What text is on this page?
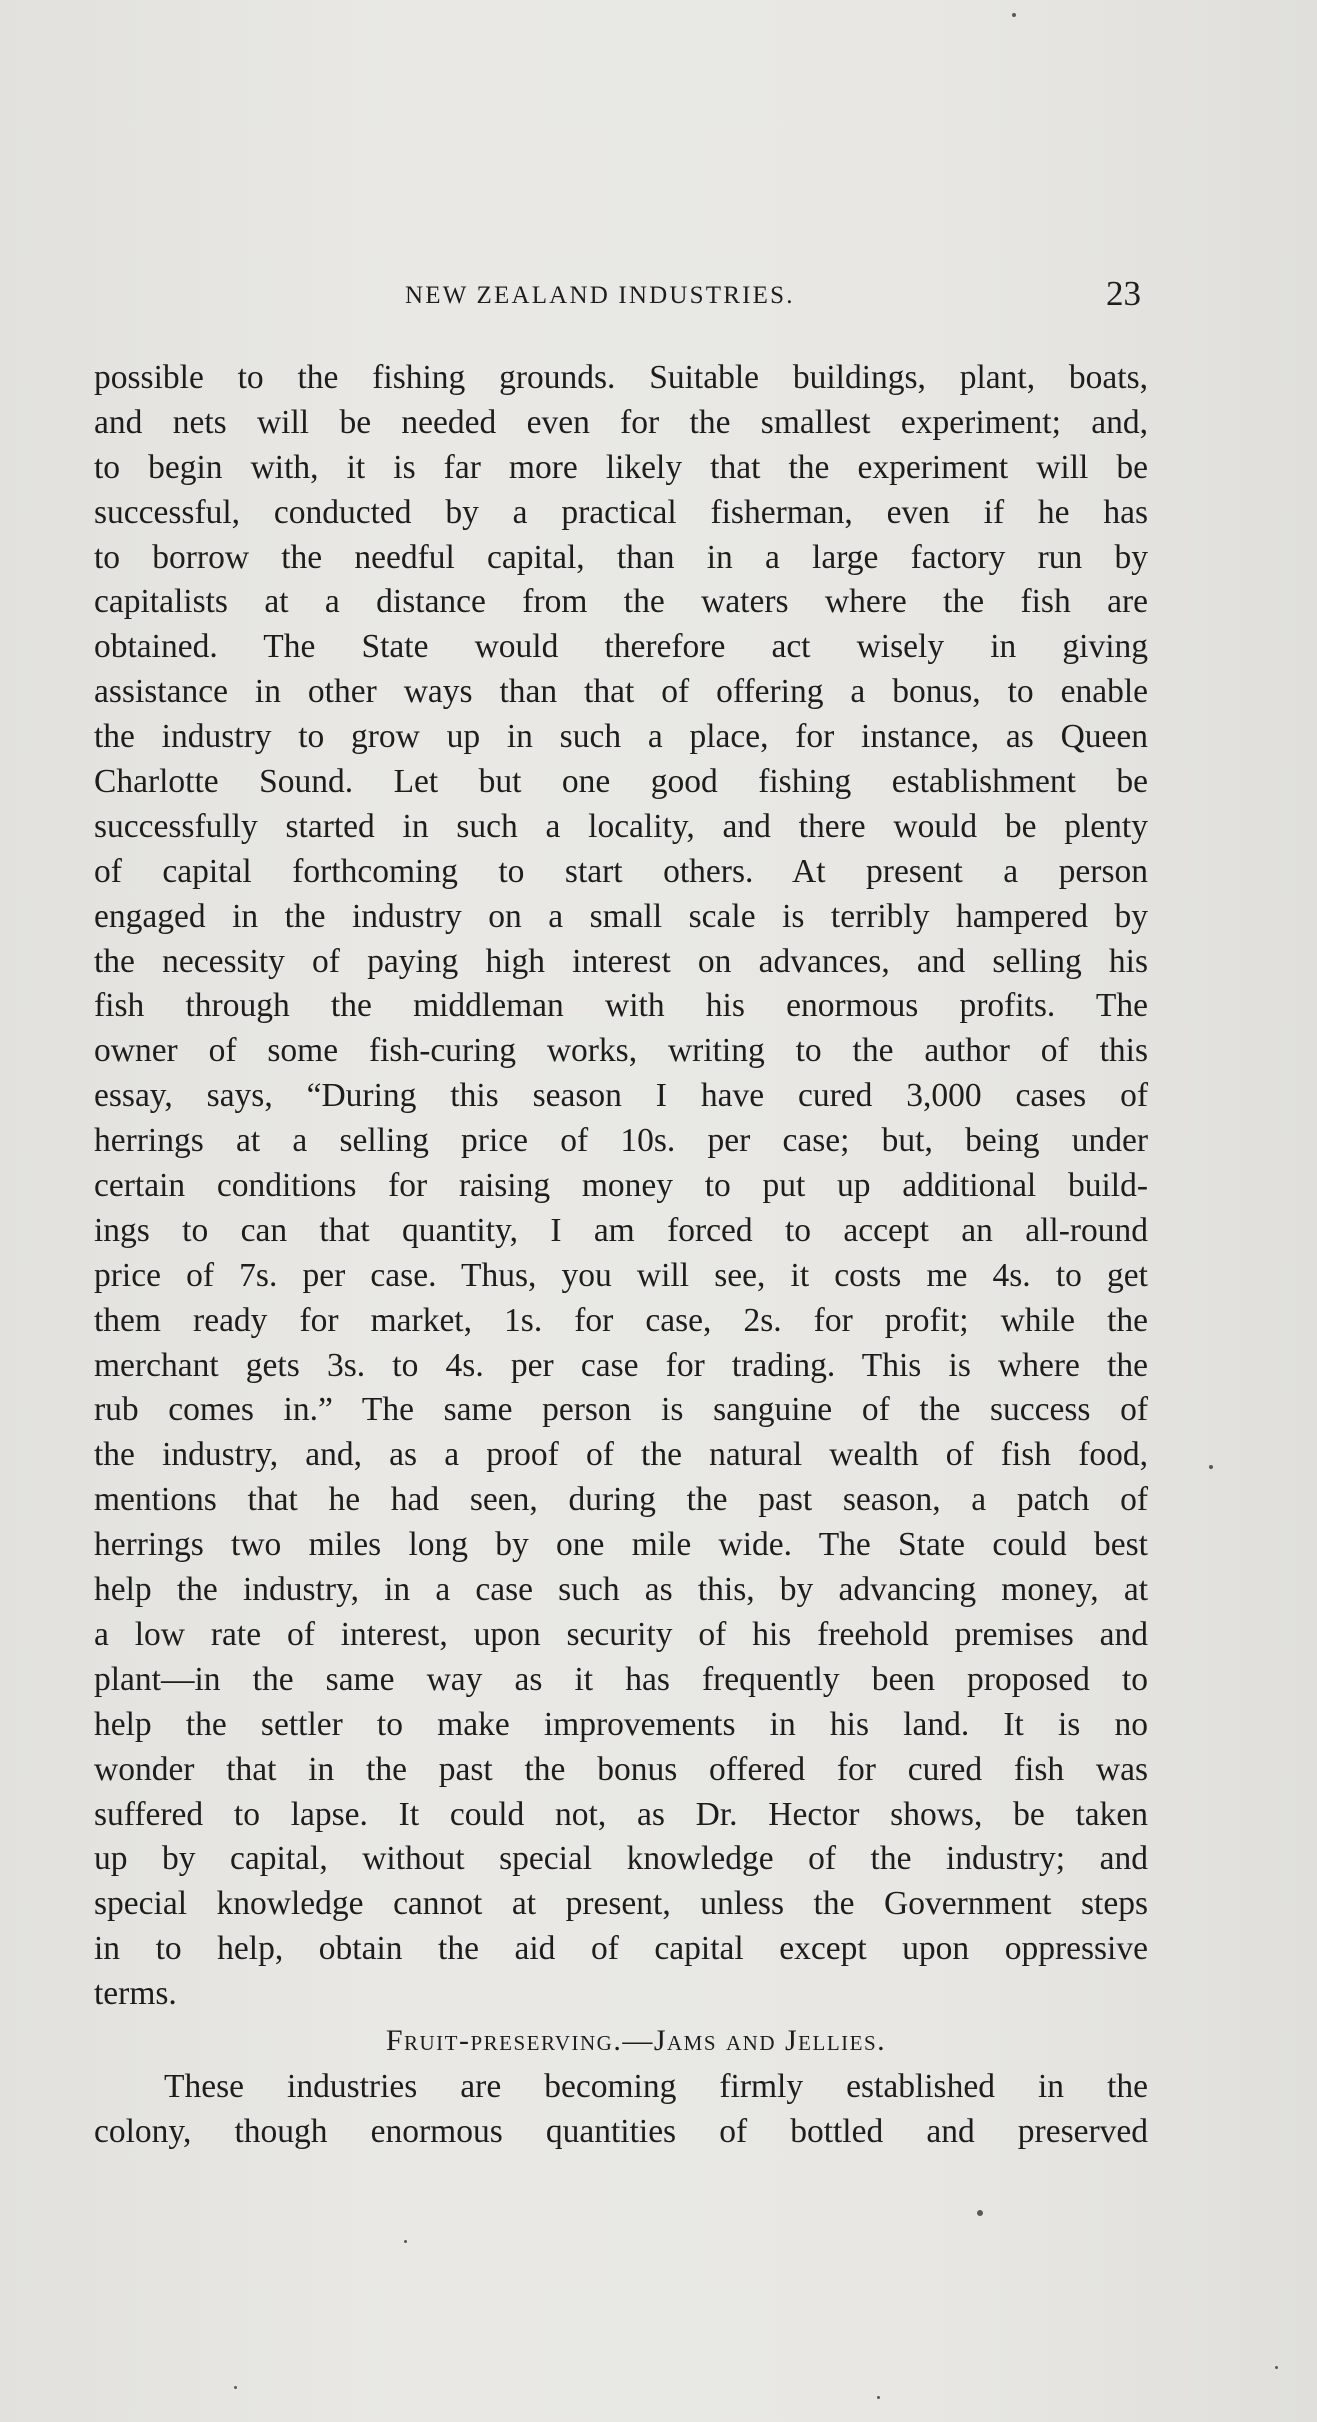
NEW ZEALAND INDUSTRIES.	23
possible to the fishing grounds. Suitable buildings, plant, boats,
and nets will be needed even for the smallest experiment; and,
to begin with, it is far more likely that the experiment will be
successful, conducted by a practical fisherman, even if he has
to borrow the needful capital, than in a large factory run by
capitalists at a distance from the waters where the fish are
obtained. The State would therefore act wisely in giving
assistance in other ways than that of offering a bonus, to enable
the industry to grow up in such a place, for instance, as Queen
Charlotte Sound. Let but one good fishing establishment be
successfully started in such a locality, and there would be plenty
of capital forthcoming to start others. At present a person
engaged in the industry on a small scale is terribly hampered by
the necessity of paying high interest on advances, and selling his
fish through the middleman with his enormous profits. The
owner of some fish-curing works, writing to the author of this
essay, says, “During this season I have cured 3,000 cases of
herrings at a selling price of 10s. per case; but, being under
certain conditions for raising money to put up additional build-
ings to can that quantity, I am forced to accept an all-round
price of 7s. per case. Thus, you will see, it costs me 4s. to get
them ready for market, 1s. for case, 2s. for profit; while the
merchant gets 3s. to 4s. per case for trading. This is where the
rub comes in.” The same person is sanguine of the success of
the industry, and, as a proof of the natural wealth of fish food,
mentions that he had seen, during the past season, a patch of
herrings two miles long by one mile wide. The State could best
help the industry, in a case such as this, by advancing money, at
a low rate of interest, upon security of his freehold premises and
plant—in the same way as it has frequently been proposed to
help the settler to make improvements in his land. It is no
wonder that in the past the bonus offered for cured fish was
suffered to lapse. It could not, as Dr. Hector shows, be taken
up by capital, without special knowledge of the industry; and
special knowledge cannot at present, unless the Government steps
in to help, obtain the aid of capital except upon oppressive
terms.
Fruit-preserving.—Jams and Jellies.
These industries are becoming firmly established in the
colony, though enormous quantities of bottled and preserved
